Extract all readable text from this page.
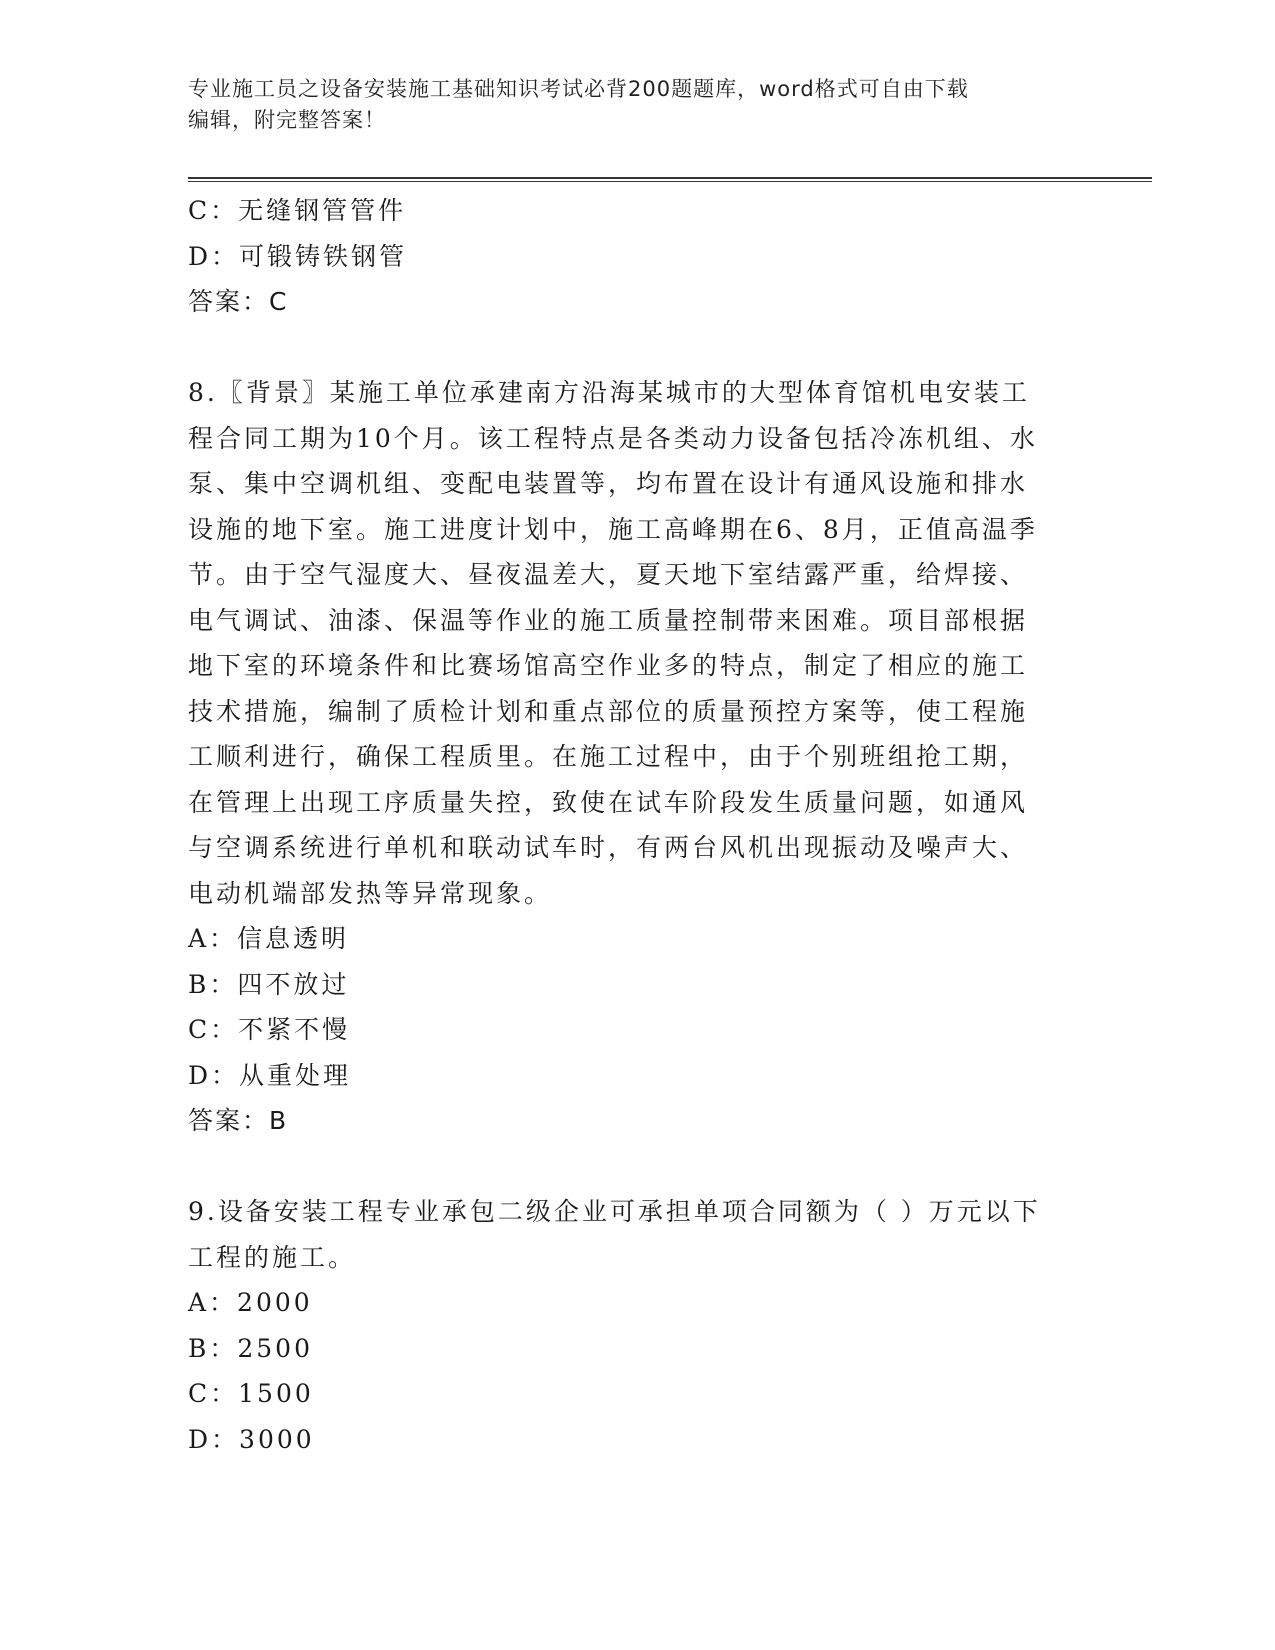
专业施工员之设备安装施工基础知识考试必背200题题库，word格式可自由下载
编辑，附完整答案！
C：无缝钢管管件
D：可锻铸铁钢管
答案：C
8.〖背景〗某施工单位承建南方沿海某城市的大型体育馆机电安装工
程合同工期为10个月。该工程特点是各类动力设备包括冷冻机组、水
泵、集中空调机组、变配电装置等，均布置在设计有通风设施和排水
设施的地下室。施工进度计划中，施工高峰期在6、8月，正值高温季
节。由于空气湿度大、昼夜温差大，夏天地下室结露严重，给焊接、
电气调试、油漆、保温等作业的施工质量控制带来困难。项目部根据
地下室的环境条件和比赛场馆高空作业多的特点，制定了相应的施工
技术措施，编制了质检计划和重点部位的质量预控方案等，使工程施
工顺利进行，确保工程质里。在施工过程中，由于个别班组抢工期，
在管理上出现工序质量失控，致使在试车阶段发生质量问题，如通风
与空调系统进行单机和联动试车时，有两台风机出现振动及噪声大、
电动机端部发热等异常现象。
A：信息透明
B：四不放过
C：不紧不慢
D：从重处理
答案：B
9.设备安装工程专业承包二级企业可承担单项合同额为（ ）万元以下
工程的施工。
A：2000
B：2500
C：1500
D：3000
